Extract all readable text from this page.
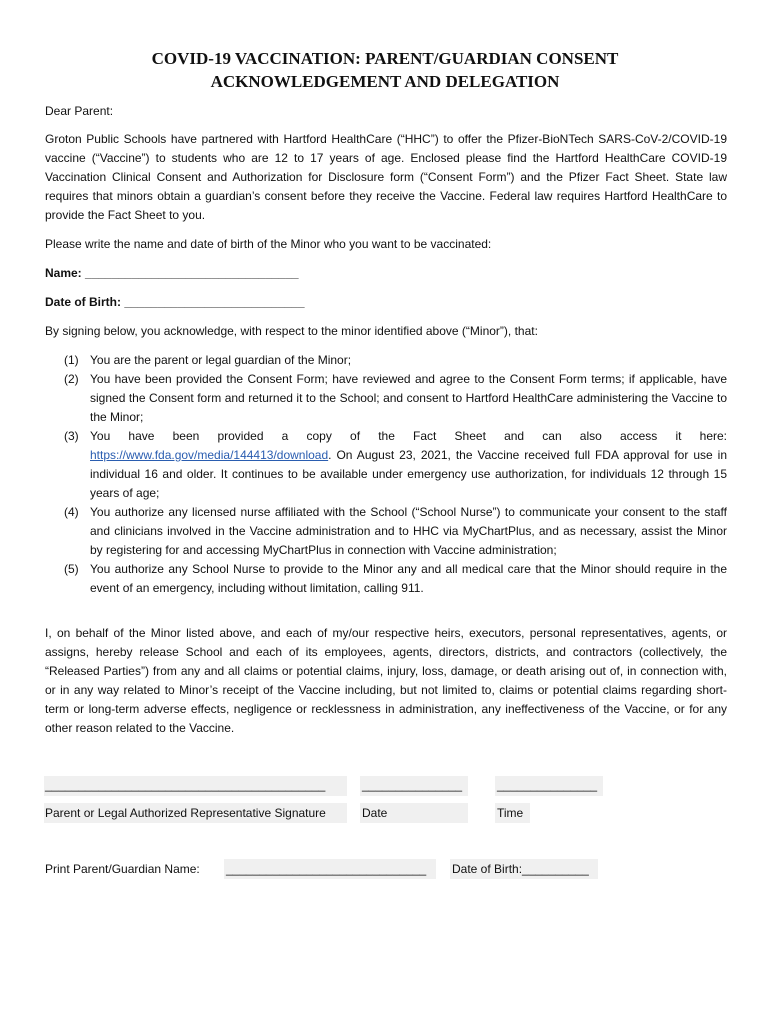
COVID-19 VACCINATION: PARENT/GUARDIAN CONSENT
ACKNOWLEDGEMENT AND DELEGATION

Dear Parent:

Groton Public Schools have partnered with Hartford HealthCare (“HHC”) to offer the Pfizer-BioNTech SARS-CoV-2/COVID-19 vaccine (“Vaccine”) to students who are 12 to 17 years of age. Enclosed please find the Hartford HealthCare COVID-19 Vaccination Clinical Consent and Authorization for Disclosure form (“Consent Form”) and the Pfizer Fact Sheet. State law requires that minors obtain a guardian’s consent before they receive the Vaccine. Federal law requires Hartford HealthCare to provide the Fact Sheet to you.

Please write the name and date of birth of the Minor who you want to be vaccinated:

Name: ________________________________

Date of Birth: ___________________________

By signing below, you acknowledge, with respect to the minor identified above (“Minor”), that:

(1) You are the parent or legal guardian of the Minor;
(2) You have been provided the Consent Form; have reviewed and agree to the Consent Form terms; if applicable, have signed the Consent form and returned it to the School; and consent to Hartford HealthCare administering the Vaccine to the Minor;
(3) You have been provided a copy of the Fact Sheet and can also access it here: https://www.fda.gov/media/144413/download. On August 23, 2021, the Vaccine received full FDA approval for use in individual 16 and older. It continues to be available under emergency use authorization, for individuals 12 through 15 years of age;
(4) You authorize any licensed nurse affiliated with the School (“School Nurse”) to communicate your consent to the staff and clinicians involved in the Vaccine administration and to HHC via MyChartPlus, and as necessary, assist the Minor by registering for and accessing MyChartPlus in connection with Vaccine administration;
(5) You authorize any School Nurse to provide to the Minor any and all medical care that the Minor should require in the event of an emergency, including without limitation, calling 911.

I, on behalf of the Minor listed above, and each of my/our respective heirs, executors, personal representatives, agents, or assigns, hereby release School and each of its employees, agents, directors, districts, and contractors (collectively, the “Released Parties”) from any and all claims or potential claims, injury, loss, damage, or death arising out of, in connection with, or in any way related to Minor’s receipt of the Vaccine including, but not limited to, claims or potential claims regarding short-term or long-term adverse effects, negligence or recklessness in administration, any ineffectiveness of the Vaccine, or for any other reason related to the Vaccine.

__________________________________________	_______________	_______________
Parent or Legal Authorized Representative Signature	Date	Time
Print Parent/Guardian Name: ______________________________ Date of Birth:__________
